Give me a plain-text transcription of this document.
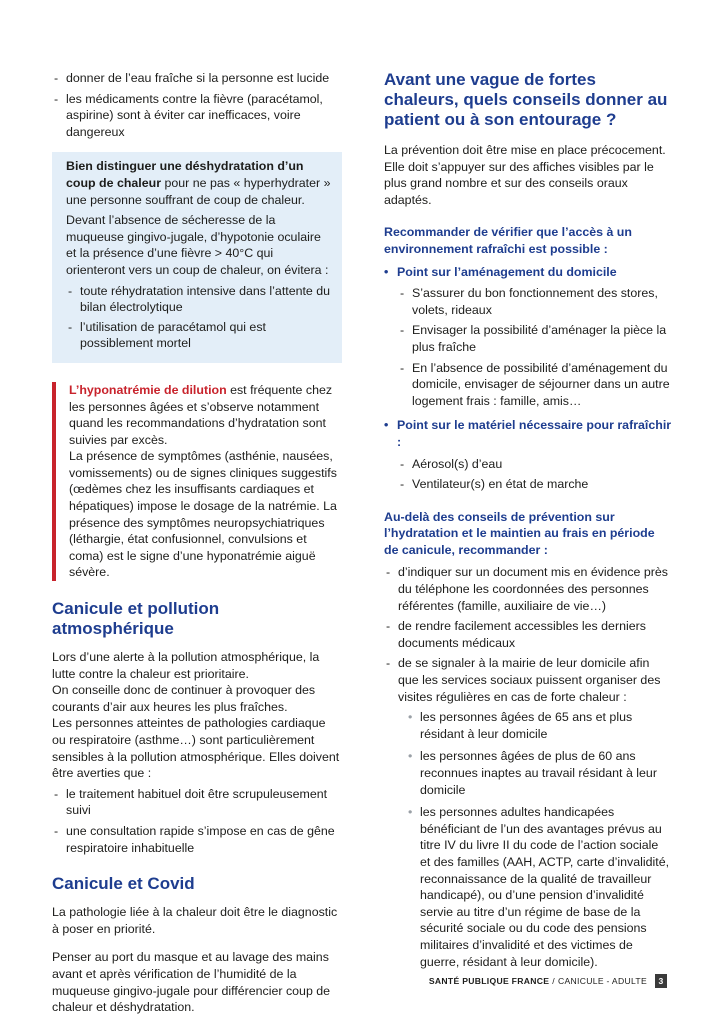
- donner de l’eau fraîche si la personne est lucide
- les médicaments contre la fièvre (paracétamol, aspirine) sont à éviter car inefficaces, voire dangereux

Bien distinguer une déshydratation d’un coup de chaleur pour ne pas « hyperhydrater » une personne souffrant de coup de chaleur.

Devant l’absence de sécheresse de la muqueuse gingivo-jugale, d’hypotonie oculaire et la présence d’une fièvre > 40°C qui orienteront vers un coup de chaleur, on évitera :

- toute réhydratation intensive dans l’attente du bilan électrolytique
- l’utilisation de paracétamol qui est possiblement mortel

L’hyponatrémie de dilution est fréquente chez les personnes âgées et s’observe notamment quand les recommandations d’hydratation sont suivies par excès.

La présence de symptômes (asthénie, nausées, vomissements) ou de signes cliniques suggestifs (œdèmes chez les insuffisants cardiaques et hépatiques) impose le dosage de la natrémie. La présence des symptômes neuropsychiatriques (léthargie, état confusionnel, convulsions et coma) est le signe d’une hyponatrémie aiguë sévère.

Canicule et pollution atmosphérique

Lors d’une alerte à la pollution atmosphérique, la lutte contre la chaleur est prioritaire.

On conseille donc de continuer à provoquer des courants d’air aux heures les plus fraîches.

Les personnes atteintes de pathologies cardiaque ou respiratoire (asthme…) sont particulièrement sensibles à la pollution atmosphérique. Elles doivent être averties que :

- le traitement habituel doit être scrupuleusement suivi
- une consultation rapide s’impose en cas de gêne respiratoire inhabituelle
Canicule et Covid

La pathologie liée à la chaleur doit être le diagnostic à poser en priorité.

Penser au port du masque et au lavage des mains avant et après vérification de l’humidité de la muqueuse gingivo-jugale pour différencier coup de chaleur et déshydratation.

Avant une vague de fortes chaleurs, quels conseils donner au patient ou à son entourage ?

La prévention doit être mise en place précocement. Elle doit s’appuyer sur des affiches visibles par le plus grand nombre et sur des conseils oraux adaptés.

Recommander de vérifier que l’accès à un environnement rafraîchi est possible :
• Point sur l’aménagement du domicile
- S’assurer du bon fonctionnement des stores, volets, rideaux
- Envisager la possibilité d’aménager la pièce la plus fraîche
- En l’absence de possibilité d’aménagement du domicile, envisager de séjourner dans un autre logement frais : famille, amis…
• Point sur le matériel nécessaire pour rafraîchir :
- Aérosol(s) d’eau
- Ventilateur(s) en état de marche
Au-delà des conseils de prévention sur l’hydratation et le maintien au frais en période de canicule, recommander :
- d’indiquer sur un document mis en évidence près du téléphone les coordonnées des personnes référentes (famille, auxiliaire de vie…)
- de rendre facilement accessibles les derniers documents médicaux
- de se signaler à la mairie de leur domicile afin que les services sociaux puissent organiser des visites régulières en cas de forte chaleur :
• les personnes âgées de 65 ans et plus résidant à leur domicile
• les personnes âgées de plus de 60 ans reconnues inaptes au travail résidant à leur domicile
• les personnes adultes handicapées bénéficiant de l’un des avantages prévus au titre IV du livre II du code de l’action sociale et des familles (AAH, ACTP, carte d’invalidité, reconnaissance de la qualité de travailleur handicapé), ou d’une pension d’invalidité servie au titre d’un régime de base de la sécurité sociale ou du code des pensions militaires d’invalidité et des victimes de guerre, résidant à leur domicile).
SANTÉ PUBLIQUE FRANCE / CANICULE - ADULTE	3
